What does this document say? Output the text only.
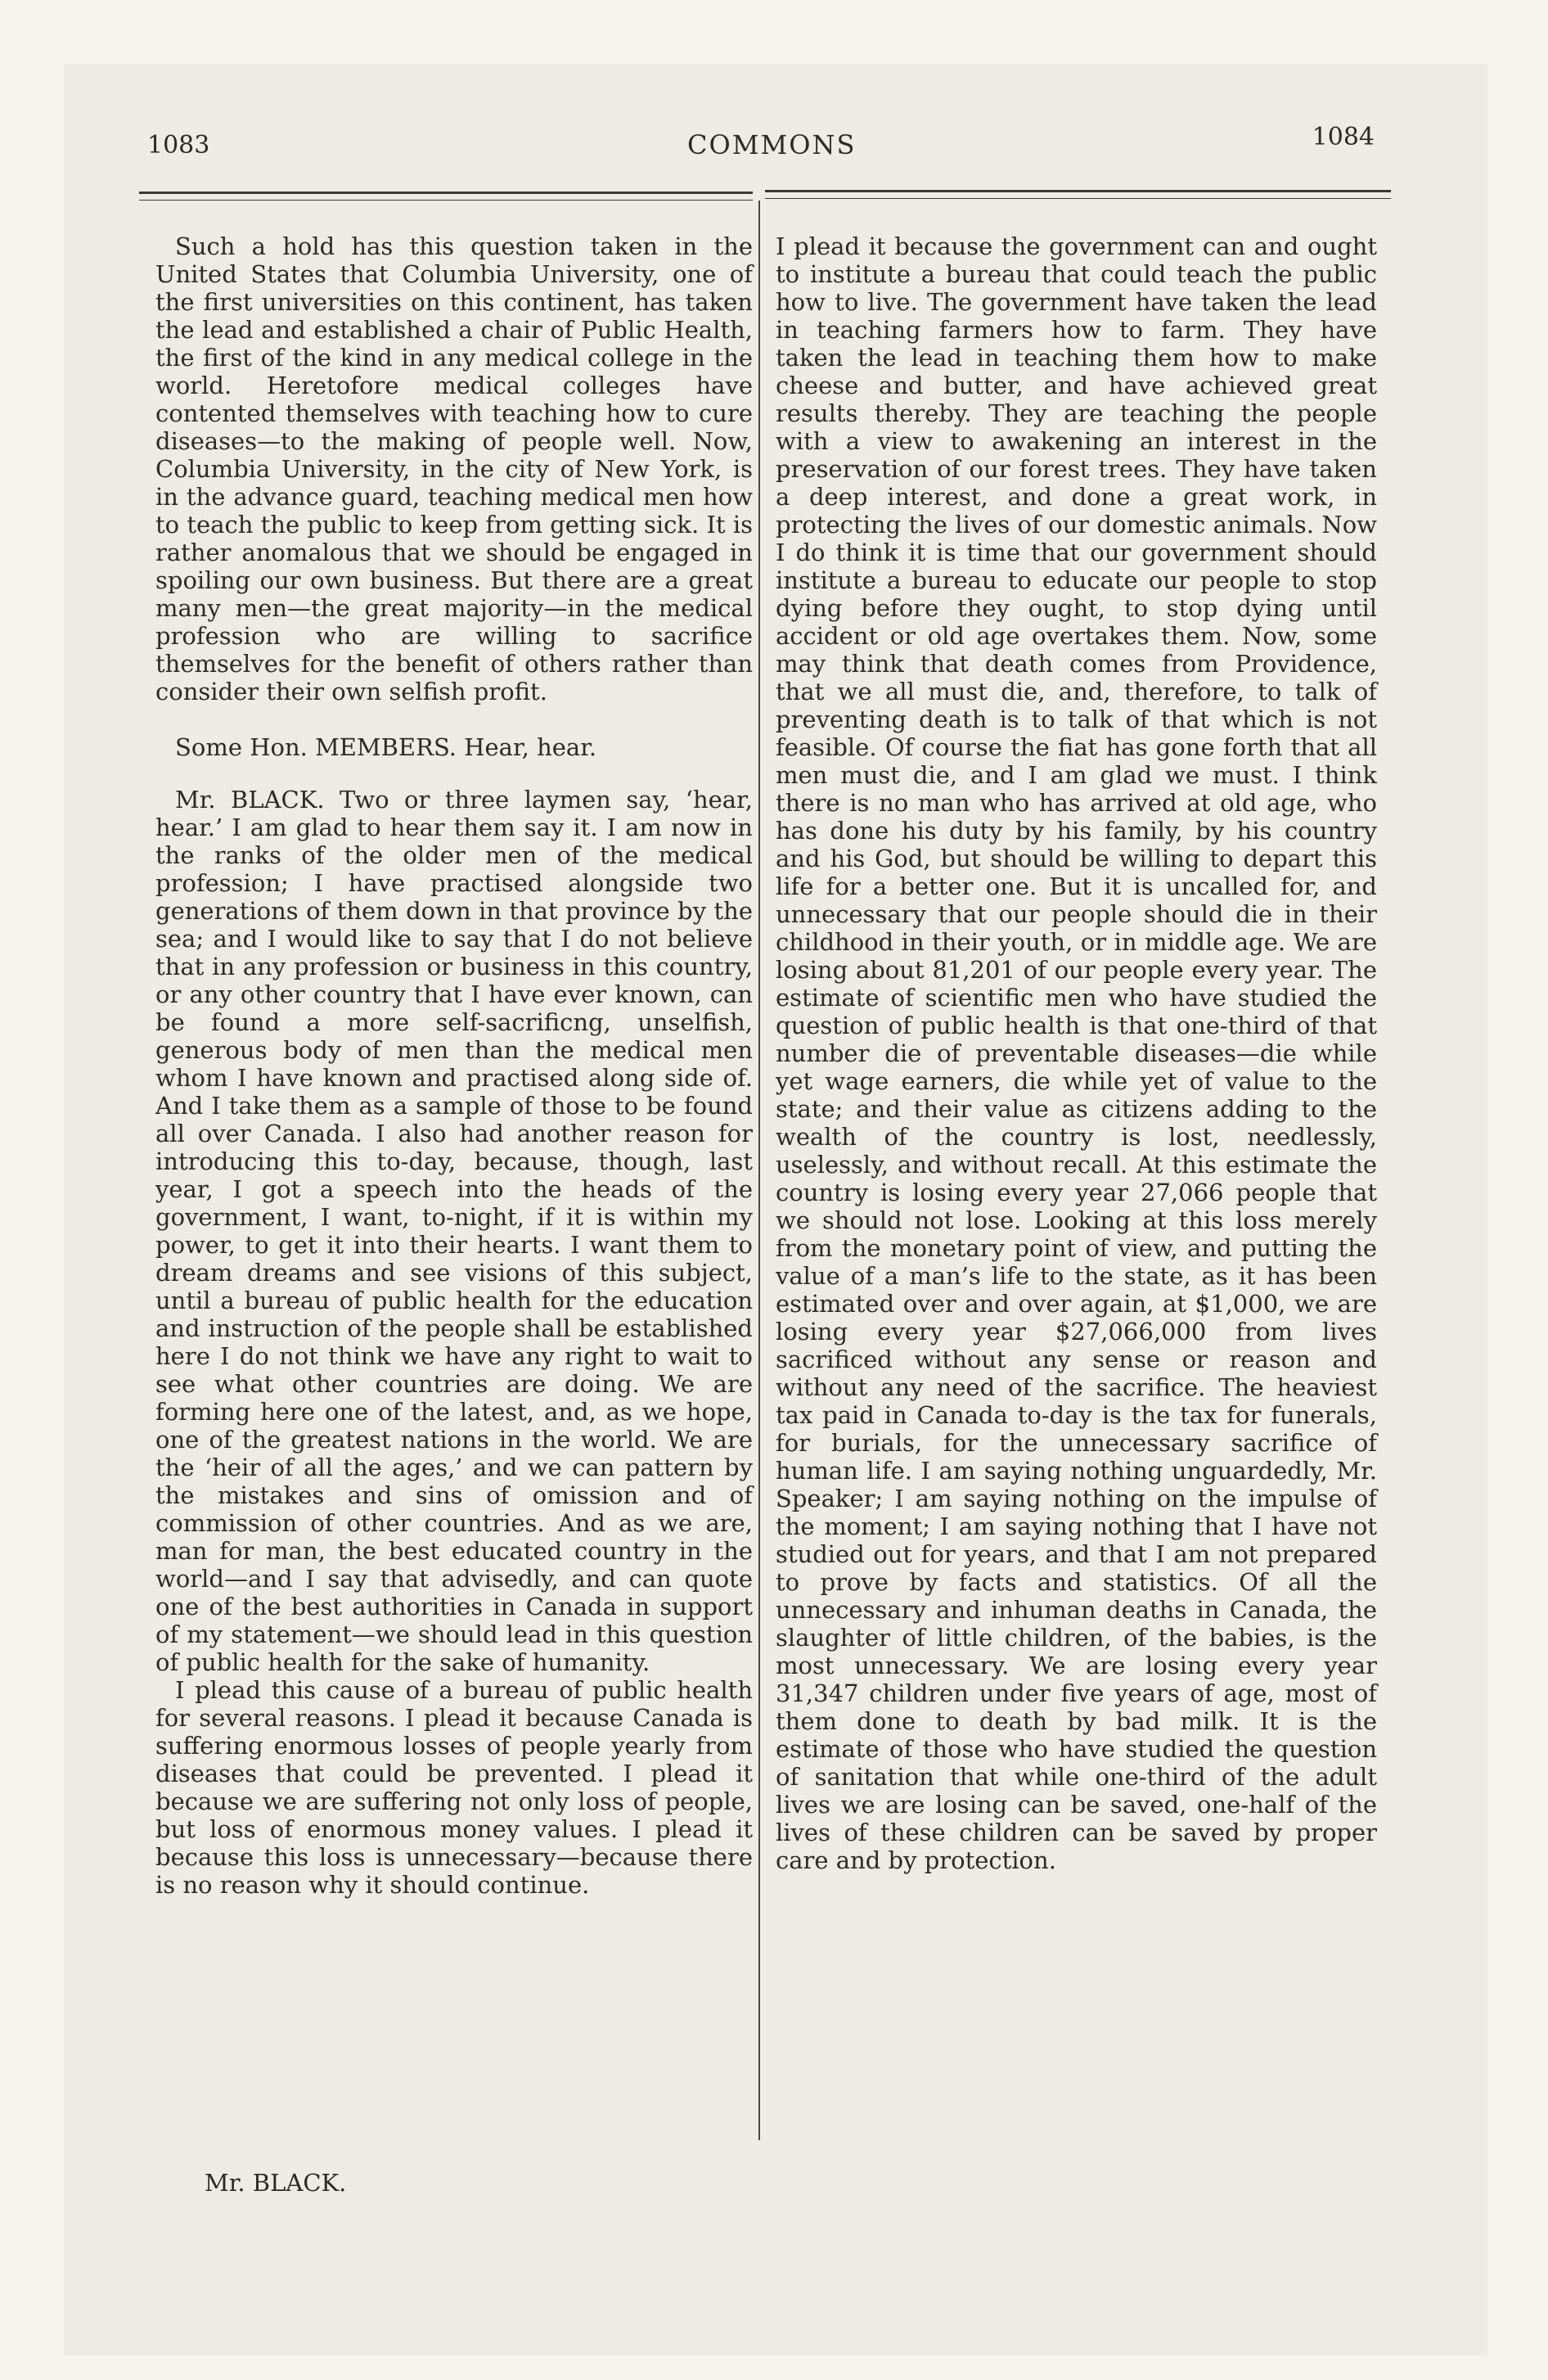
1083	COMMONS	1084

Such a hold has this question taken in the United States that Columbia University, one of the first universities on this continent, has taken the lead and established a chair of Public Health, the first of the kind in any medical college in the world. Heretofore medical colleges have contented themselves with teaching how to cure diseases—to the making of people well. Now, Columbia University, in the city of New York, is in the advance guard, teaching medical men how to teach the public to keep from getting sick. It is rather anomalous that we should be engaged in spoiling our own business. But there are a great many men—the great majority—in the medical profession who are willing to sacrifice themselves for the benefit of others rather than consider their own selfish profit.

Some Hon. MEMBERS. Hear, hear.

Mr. BLACK. Two or three laymen say, ‘hear, hear.’ I am glad to hear them say it. I am now in the ranks of the older men of the medical profession; I have practised alongside two generations of them down in that province by the sea; and I would like to say that I do not believe that in any profession or business in this country, or any other country that I have ever known, can be found a more self-sacrificng, unselfish, generous body of men than the medical men whom I have known and practised along side of. And I take them as a sample of those to be found all over Canada. I also had another reason for introducing this to-day, because, though, last year, I got a speech into the heads of the government, I want, to-night, if it is within my power, to get it into their hearts. I want them to dream dreams and see visions of this subject, until a bureau of public health for the education and instruction of the people shall be established here I do not think we have any right to wait to see what other countries are doing. We are forming here one of the latest, and, as we hope, one of the greatest nations in the world. We are the ‘heir of all the ages,’ and we can pattern by the mistakes and sins of omission and of commission of other countries. And as we are, man for man, the best educated country in the world—and I say that advisedly, and can quote one of the best authorities in Canada in support of my statement—we should lead in this question of public health for the sake of humanity.

I plead this cause of a bureau of public health for several reasons. I plead it because Canada is suffering enormous losses of people yearly from diseases that could be prevented. I plead it because we are suffering not only loss of people, but loss of enormous money values. I plead it because this loss is unnecessary—because there is no reason why it should continue.

I plead it because the government can and ought to institute a bureau that could teach the public how to live. The government have taken the lead in teaching farmers how to farm. They have taken the lead in teaching them how to make cheese and butter, and have achieved great results thereby. They are teaching the people with a view to awakening an interest in the preservation of our forest trees. They have taken a deep interest, and done a great work, in protecting the lives of our domestic animals. Now I do think it is time that our government should institute a bureau to educate our people to stop dying before they ought, to stop dying until accident or old age overtakes them. Now, some may think that death comes from Providence, that we all must die, and, therefore, to talk of preventing death is to talk of that which is not feasible. Of course the fiat has gone forth that all men must die, and I am glad we must. I think there is no man who has arrived at old age, who has done his duty by his family, by his country and his God, but should be willing to depart this life for a better one. But it is uncalled for, and unnecessary that our people should die in their childhood in their youth, or in middle age. We are losing about 81,201 of our people every year. The estimate of scientific men who have studied the question of public health is that one-third of that number die of preventable diseases—die while yet wage earners, die while yet of value to the state; and their value as citizens adding to the wealth of the country is lost, needlessly, uselessly, and without recall. At this estimate the country is losing every year 27,066 people that we should not lose. Looking at this loss merely from the monetary point of view, and putting the value of a man’s life to the state, as it has been estimated over and over again, at $1,000, we are losing every year $27,066,000 from lives sacrificed without any sense or reason and without any need of the sacrifice. The heaviest tax paid in Canada to-day is the tax for funerals, for burials, for the unnecessary sacrifice of human life. I am saying nothing unguardedly, Mr. Speaker; I am saying nothing on the impulse of the moment; I am saying nothing that I have not studied out for years, and that I am not prepared to prove by facts and statistics. Of all the unnecessary and inhuman deaths in Canada, the slaughter of little children, of the babies, is the most unnecessary. We are losing every year 31,347 children under five years of age, most of them done to death by bad milk. It is the estimate of those who have studied the question of sanitation that while one-third of the adult lives we are losing can be saved, one-half of the lives of these children can be saved by proper care and by protection.

Mr. BLACK.
